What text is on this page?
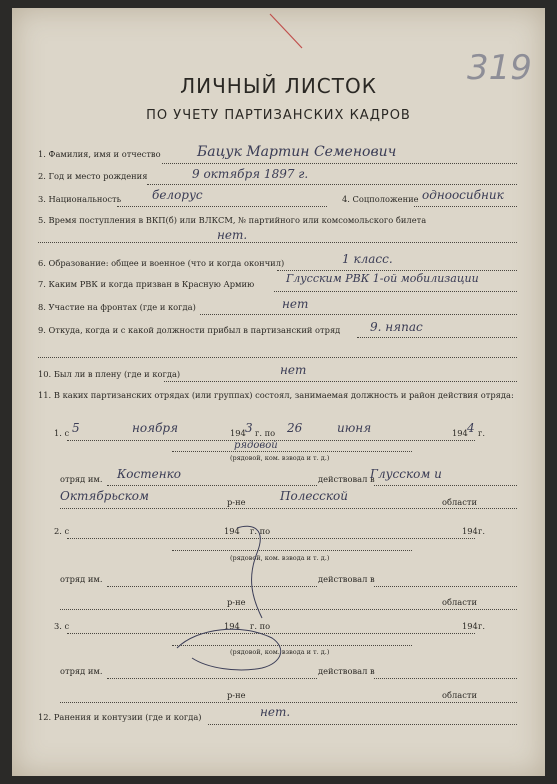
319
ЛИЧНЫЙ ЛИСТОК
ПО УЧЕТУ ПАРТИЗАНСКИХ КАДРОВ
1. Фамилия, имя и отчество	Бацук Мартин Семенович
2. Год и место рождения	9 октября 1897 г.
3. Национальность	белорус	4. Соцположение одноосибник
5. Время поступления в ВКП(б) или ВЛКСМ, № партийного или комсомольского билета
нет.
6. Образование: общее и военное (что и когда окончил)	1 класс.
7. Каким РВК и когда призван в Красную Армию	Глусским РВК 1-ой мобилизации
8. Участие на фронтах (где и когда)	нет
9. Откуда, когда и с какой должности прибыл в партизанский отряд 9. няпас
10. Был ли в плену (где и когда)	нет
11. В каких партизанских отрядах (или группах) состоял, занимаемая должность и район действия отряда:
1. с 5	ноября	194 3 г. по 26	июня	194 4 г.
рядовой
(рядовой, ком. взвода и т. д.)
отряд им. Костенко	действовал в
Глусском и
Октябрьском	р-не	Полесской	области
2. с	194 г. по	194 г.
(рядовой, ком. взвода и т. д.)
отряд им.	действовал в
р-не	области
3. с	194 г. по	194 г.
(рядовой, ком. взвода и т. д.)
отряд им.	действовал в
р-не	области
12. Ранения и контузии (где и когда)	нет.
